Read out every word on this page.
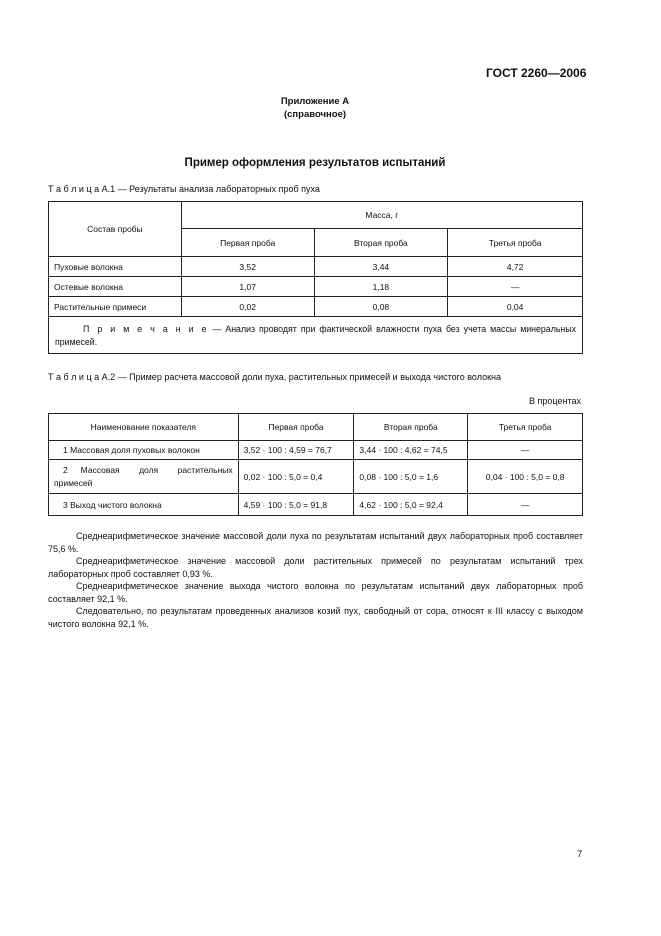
ГОСТ 2260—2006
Приложение А
(справочное)
Пример оформления результатов испытаний
Т а б л и ц а А.1 — Результаты анализа лабораторных проб пуха
Состав пробы	Масса, г		
	Первая проба	Вторая проба	Третья проба
Пуховые волокна	3,52	3,44	4,72
Остевые волокна	1,07	1,18	—
Растительные примеси	0,02	0,08	0,04
П р и м е ч а н и е — Анализ проводят при фактической влажности пуха без учета массы минеральных примесей.			
Т а б л и ц а А.2 — Пример расчета массовой доли пуха, растительных примесей и выхода чистого волокна
В процентах
Наименование показателя	Первая проба	Вторая проба	Третья проба
1 Массовая доля пуховых волокон	3,52 · 100 : 4,59 = 76,7	3,44 · 100 : 4,62 = 74,5	—
2  Массовая   доля   растительных примесей	0,02 · 100 : 5,0 = 0,4	0,08 · 100 : 5,0 = 1,6	0,04 · 100 : 5,0 = 0,8
3 Выход чистого волокна	4,59 · 100 : 5,0 = 91,8	4,62 · 100 : 5,0 = 92,4	—
Среднеарифметическое значение массовой доли пуха по результатам испытаний двух лабораторных проб составляет 75,6 %.
Среднеарифметическое значение массовой доли растительных примесей по результатам испытаний трех лабораторных проб составляет 0,93 %.
Среднеарифметическое значение выхода чистого волокна по результатам испытаний двух лабораторных проб составляет 92,1 %.
Следовательно, по результатам проведенных анализов козий пух, свободный от сора, относят к III классу с выходом чистого волокна 92,1 %.
7
